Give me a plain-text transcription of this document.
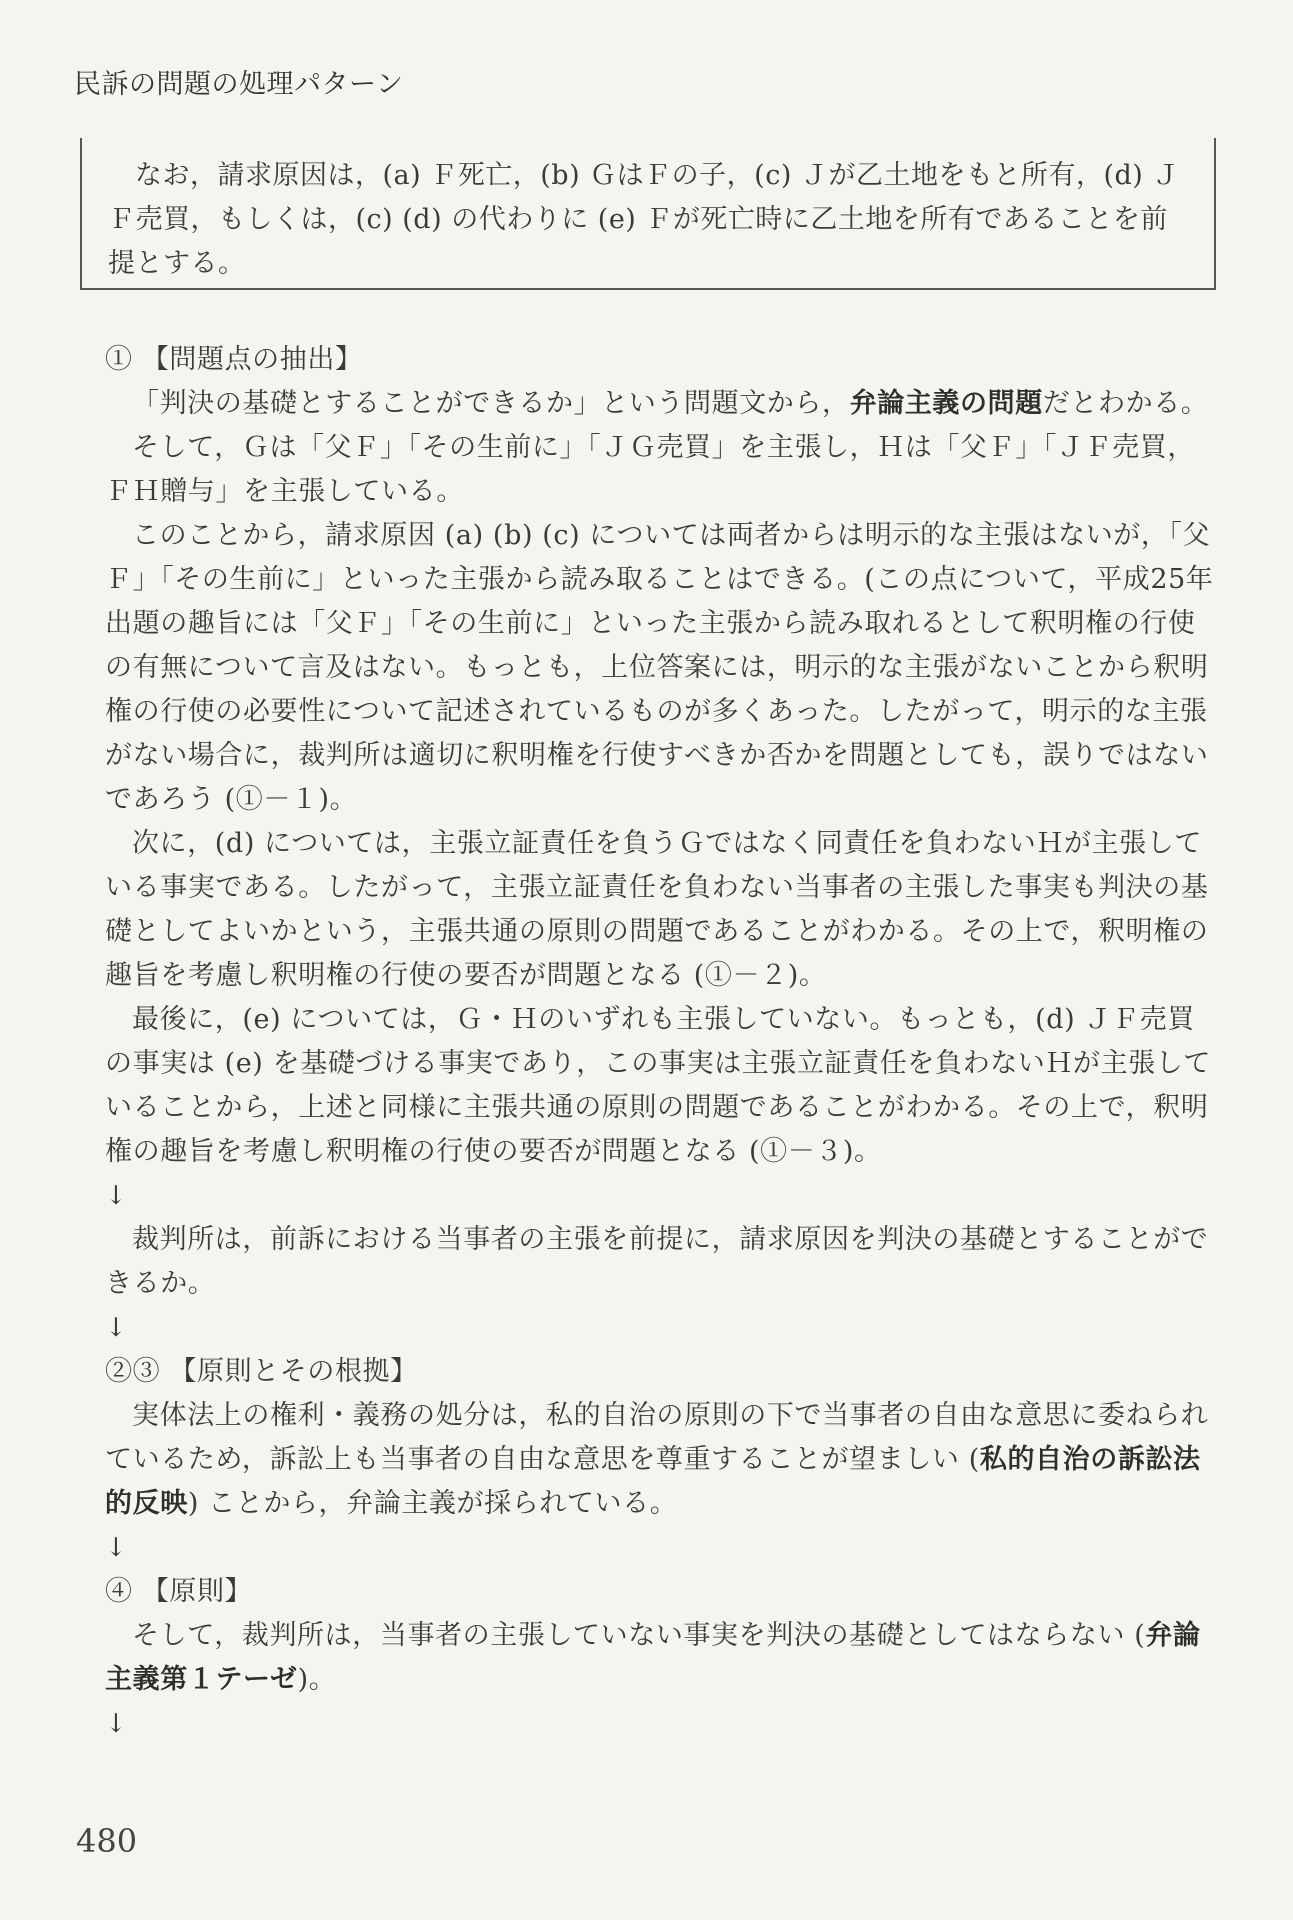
民訴の問題の処理パターン

なお，請求原因は，(a) Ｆ死亡，(b) ＧはＦの子，(c) Ｊが乙土地をもと所有，(d) ＪＦ売買，もしくは，(c) (d) の代わりに (e) Ｆが死亡時に乙土地を所有であることを前提とする。

① 【問題点の抽出】

「判決の基礎とすることができるか」という問題文から，弁論主義の問題だとわかる。

そして，Ｇは「父Ｆ」「その生前に」「ＪＧ売買」を主張し，Ｈは「父Ｆ」「ＪＦ売買，ＦＨ贈与」を主張している。

このことから，請求原因 (a) (b) (c) については両者からは明示的な主張はないが，「父Ｆ」「その生前に」といった主張から読み取ることはできる。(この点について，平成25年出題の趣旨には「父Ｆ」「その生前に」といった主張から読み取れるとして釈明権の行使の有無について言及はない。もっとも，上位答案には，明示的な主張がないことから釈明権の行使の必要性について記述されているものが多くあった。したがって，明示的な主張がない場合に，裁判所は適切に釈明権を行使すべきか否かを問題としても，誤りではないであろう (①－１)。

次に，(d) については，主張立証責任を負うＧではなく同責任を負わないＨが主張している事実である。したがって，主張立証責任を負わない当事者の主張した事実も判決の基礎としてよいかという，主張共通の原則の問題であることがわかる。その上で，釈明権の趣旨を考慮し釈明権の行使の要否が問題となる (①－２)。

最後に，(e) については，Ｇ・Ｈのいずれも主張していない。もっとも，(d) ＪＦ売買の事実は (e) を基礎づける事実であり，この事実は主張立証責任を負わないＨが主張していることから，上述と同様に主張共通の原則の問題であることがわかる。その上で，釈明権の趣旨を考慮し釈明権の行使の要否が問題となる (①－３)。

↓

裁判所は，前訴における当事者の主張を前提に，請求原因を判決の基礎とすることができるか。

↓

②③ 【原則とその根拠】

実体法上の権利・義務の処分は，私的自治の原則の下で当事者の自由な意思に委ねられているため，訴訟上も当事者の自由な意思を尊重することが望ましい (私的自治の訴訟法的反映) ことから，弁論主義が採られている。

↓

④ 【原則】

そして，裁判所は，当事者の主張していない事実を判決の基礎としてはならない (弁論主義第１テーゼ)。

↓

480
